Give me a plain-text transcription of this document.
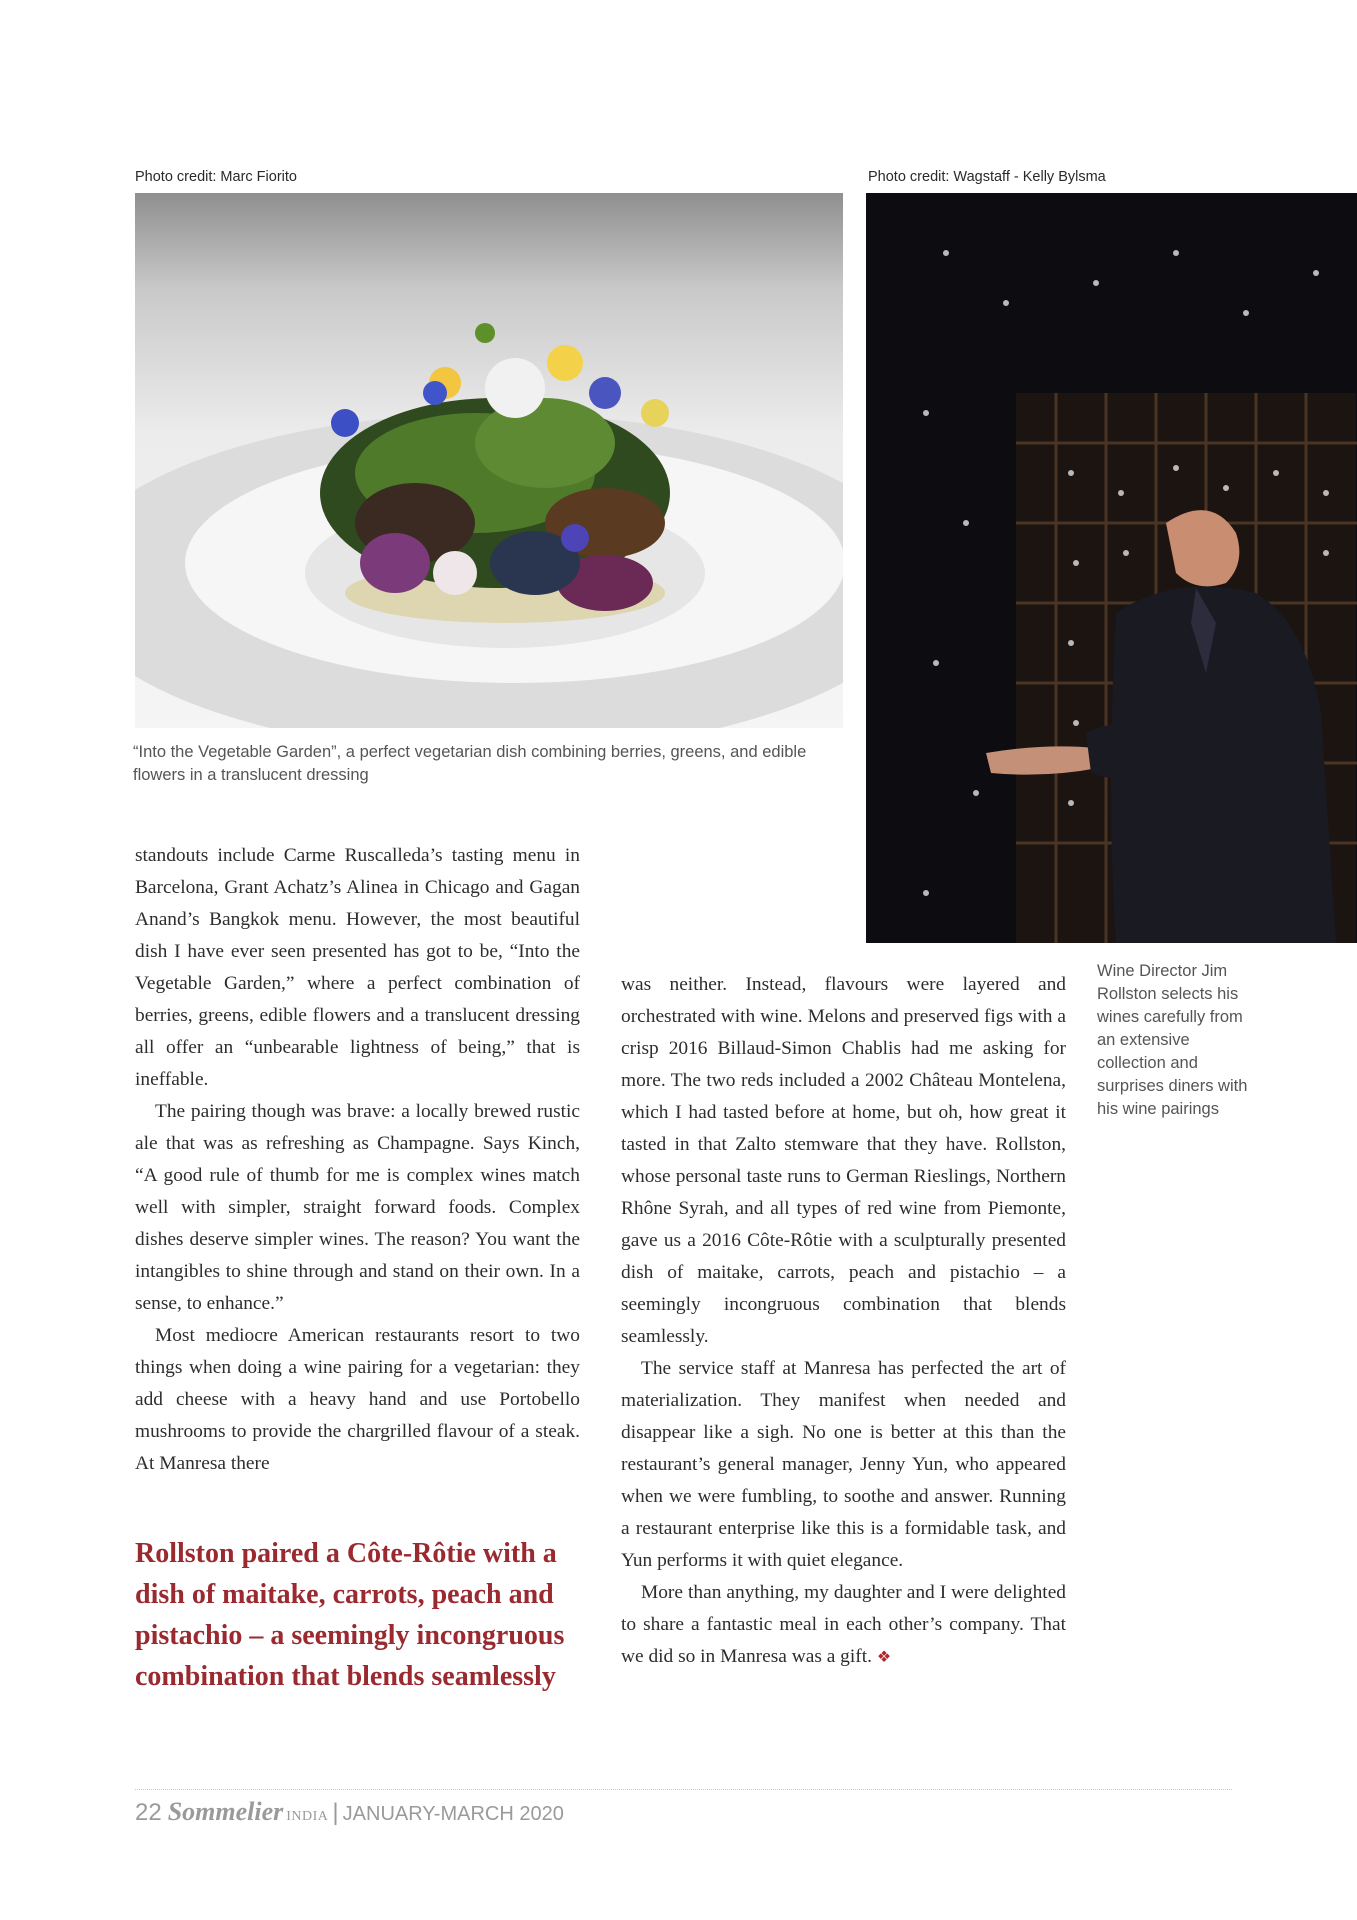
Photo credit: Marc Fiorito	Photo credit: Wagstaff - Kelly Bylsma
“Into the Vegetable Garden”, a perfect vegetarian dish combining berries, greens, and edible flowers in a translucent dressing
Wine Director Jim Rollston selects his wines carefully from an extensive collection and surprises diners with his wine pairings

standouts include Carme Ruscalleda’s tasting menu in Barcelona, Grant Achatz’s Alinea in Chicago and Gagan Anand’s Bangkok menu. However, the most beautiful dish I have ever seen presented has got to be, “Into the Vegetable Garden,” where a perfect combination of berries, greens, edible flowers and a translucent dressing all offer an “unbearable lightness of being,” that is ineffable.

The pairing though was brave: a locally brewed rustic ale that was as refreshing as Champagne. Says Kinch, “A good rule of thumb for me is complex wines match well with simpler, straight forward foods. Complex dishes deserve simpler wines. The reason? You want the intangibles to shine through and stand on their own. In a sense, to enhance.”

Most mediocre American restaurants resort to two things when doing a wine pairing for a vegetarian: they add cheese with a heavy hand and use Portobello mushrooms to provide the chargrilled flavour of a steak. At Manresa there

Rollston paired a Côte-Rôtie with a dish of maitake, carrots, peach and pistachio – a seemingly incongruous combination that blends seamlessly

was neither. Instead, flavours were layered and orchestrated with wine. Melons and preserved figs with a crisp 2016 Billaud-Simon Chablis had me asking for more. The two reds included a 2002 Château Montelena, which I had tasted before at home, but oh, how great it tasted in that Zalto stemware that they have. Rollston, whose personal taste runs to German Rieslings, Northern Rhône Syrah, and all types of red wine from Piemonte, gave us a 2016 Côte-Rôtie with a sculpturally presented dish of maitake, carrots, peach and pistachio – a seemingly incongruous combination that blends seamlessly.

The service staff at Manresa has perfected the art of materialization. They manifest when needed and disappear like a sigh. No one is better at this than the restaurant’s general manager, Jenny Yun, who appeared when we were fumbling, to soothe and answer. Running a restaurant enterprise like this is a formidable task, and Yun performs it with quiet elegance.

More than anything, my daughter and I were delighted to share a fantastic meal in each other’s company. That we did so in Manresa was a gift. ❖

22 Sommelier INDIA | JANUARY-MARCH 2020
